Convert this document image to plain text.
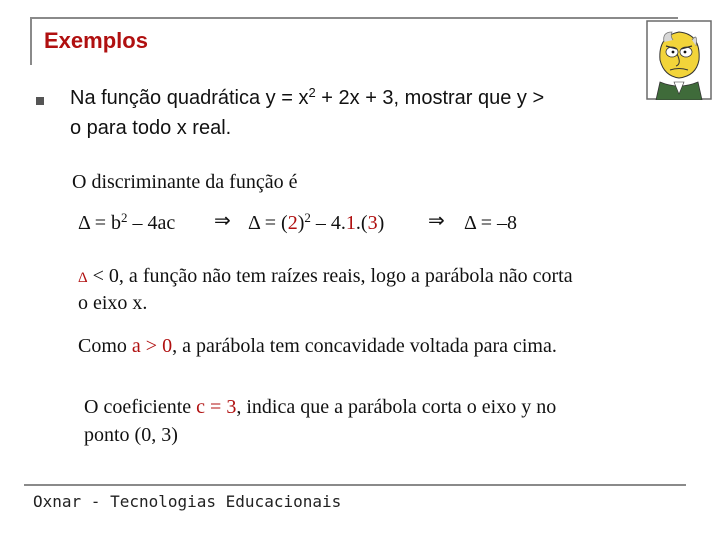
Exemplos
Na função quadrática $y = x^2 + 2x + 3$, mostrar que y >
o para todo x real.
O discriminante da função é
$\Delta = b^2 - 4ac$ ⇒ $\Delta = (2)^2 - 4.1.(3)$ ⇒ Δ = –8
Δ < 0, a função não tem raízes reais, logo a parábola não corta
o eixo x.
Como a > 0, a parábola tem concavidade voltada para cima.
O coeficiente c = 3, indica que a parábola corta o eixo y no
ponto (0, 3)
Oxnar - Tecnologias Educacionais
